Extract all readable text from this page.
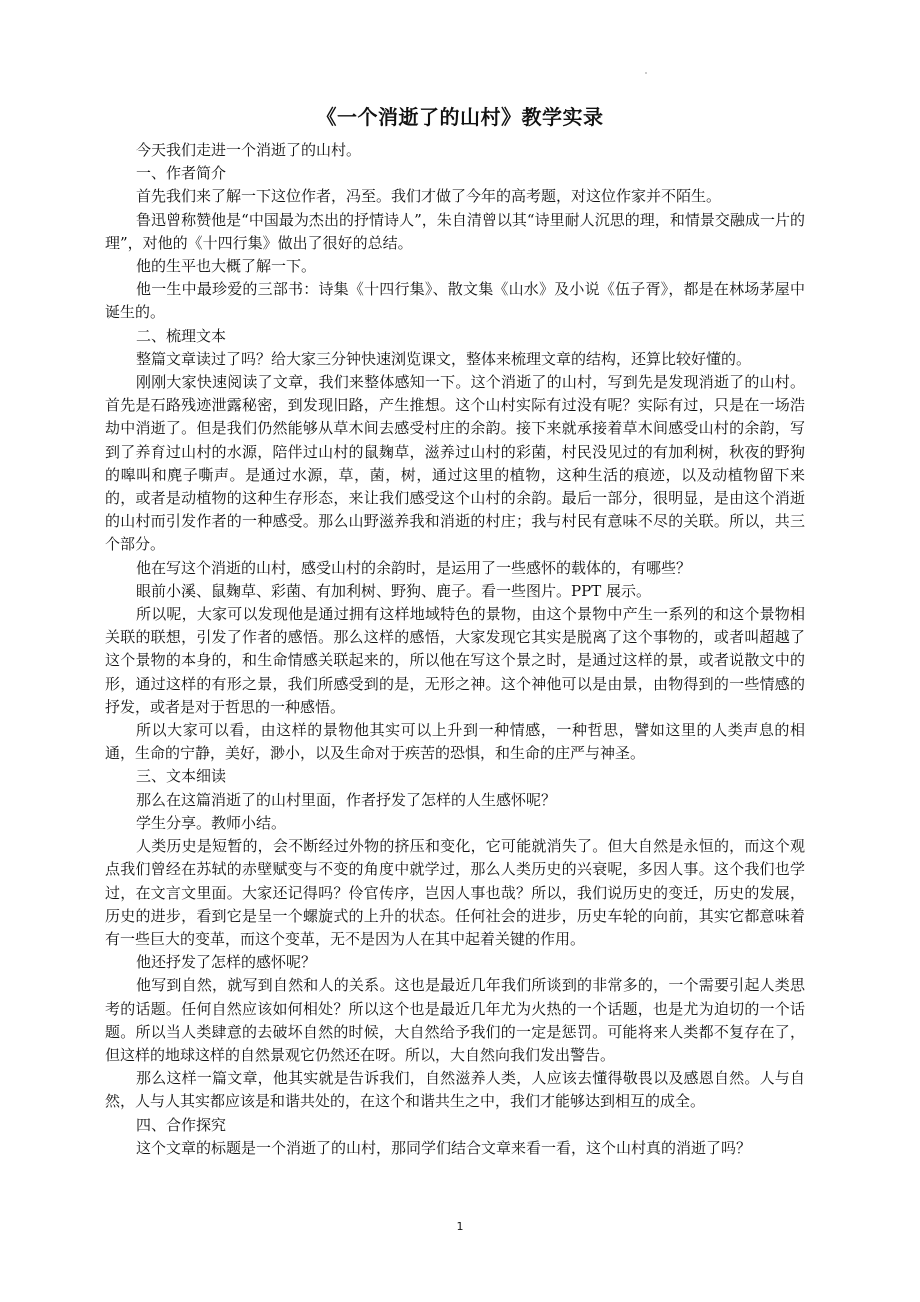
《一个消逝了的山村》教学实录

今天我们走进一个消逝了的山村。

一、作者简介

首先我们来了解一下这位作者，冯至。我们才做了今年的高考题，对这位作家并不陌生。

鲁迅曾称赞他是“中国最为杰出的抒情诗人”，朱自清曾以其“诗里耐人沉思的理，和情景交融成一片的理”，对他的《十四行集》做出了很好的总结。

他的生平也大概了解一下。

他一生中最珍爱的三部书：诗集《十四行集》、散文集《山水》及小说《伍子胥》，都是在林场茅屋中诞生的。

二、梳理文本

整篇文章读过了吗？给大家三分钟快速浏览课文，整体来梳理文章的结构，还算比较好懂的。

刚刚大家快速阅读了文章，我们来整体感知一下。这个消逝了的山村，写到先是发现消逝了的山村。首先是石路残迹泄露秘密，到发现旧路，产生推想。这个山村实际有过没有呢？实际有过，只是在一场浩劫中消逝了。但是我们仍然能够从草木间去感受村庄的余韵。接下来就承接着草木间感受山村的余韵，写到了养育过山村的水源，陪伴过山村的鼠麹草，滋养过山村的彩菌，村民没见过的有加利树，秋夜的野狗的嗥叫和麂子嘶声。是通过水源，草，菌，树，通过这里的植物，这种生活的痕迹，以及动植物留下来的，或者是动植物的这种生存形态，来让我们感受这个山村的余韵。最后一部分，很明显，是由这个消逝的山村而引发作者的一种感受。那么山野滋养我和消逝的村庄；我与村民有意味不尽的关联。所以，共三个部分。

他在写这个消逝的山村，感受山村的余韵时，是运用了一些感怀的载体的，有哪些？

眼前小溪、鼠麹草、彩菌、有加利树、野狗、鹿子。看一些图片。PPT 展示。

所以呢，大家可以发现他是通过拥有这样地域特色的景物，由这个景物中产生一系列的和这个景物相关联的联想，引发了作者的感悟。那么这样的感悟，大家发现它其实是脱离了这个事物的，或者叫超越了这个景物的本身的，和生命情感关联起来的，所以他在写这个景之时，是通过这样的景，或者说散文中的形，通过这样的有形之景，我们所感受到的是，无形之神。这个神他可以是由景，由物得到的一些情感的抒发，或者是对于哲思的一种感悟。

所以大家可以看，由这样的景物他其实可以上升到一种情感，一种哲思，譬如这里的人类声息的相通，生命的宁静，美好，渺小，以及生命对于疾苦的恐惧，和生命的庄严与神圣。

三、文本细读

那么在这篇消逝了的山村里面，作者抒发了怎样的人生感怀呢？

学生分享。教师小结。

人类历史是短暂的，会不断经过外物的挤压和变化，它可能就消失了。但大自然是永恒的，而这个观点我们曾经在苏轼的赤壁赋变与不变的角度中就学过，那么人类历史的兴衰呢，多因人事。这个我们也学过，在文言文里面。大家还记得吗？伶官传序，岂因人事也哉？所以，我们说历史的变迁，历史的发展，历史的进步，看到它是呈一个螺旋式的上升的状态。任何社会的进步，历史车轮的向前，其实它都意味着有一些巨大的变革，而这个变革，无不是因为人在其中起着关键的作用。

他还抒发了怎样的感怀呢？

他写到自然，就写到自然和人的关系。这也是最近几年我们所谈到的非常多的，一个需要引起人类思考的话题。任何自然应该如何相处？所以这个也是最近几年尤为火热的一个话题，也是尤为迫切的一个话题。所以当人类肆意的去破坏自然的时候，大自然给予我们的一定是惩罚。可能将来人类都不复存在了，但这样的地球这样的自然景观它仍然还在呀。所以，大自然向我们发出警告。

那么这样一篇文章，他其实就是告诉我们，自然滋养人类，人应该去懂得敬畏以及感恩自然。人与自然，人与人其实都应该是和谐共处的，在这个和谐共生之中，我们才能够达到相互的成全。

四、合作探究

这个文章的标题是一个消逝了的山村，那同学们结合文章来看一看，这个山村真的消逝了吗？

1
